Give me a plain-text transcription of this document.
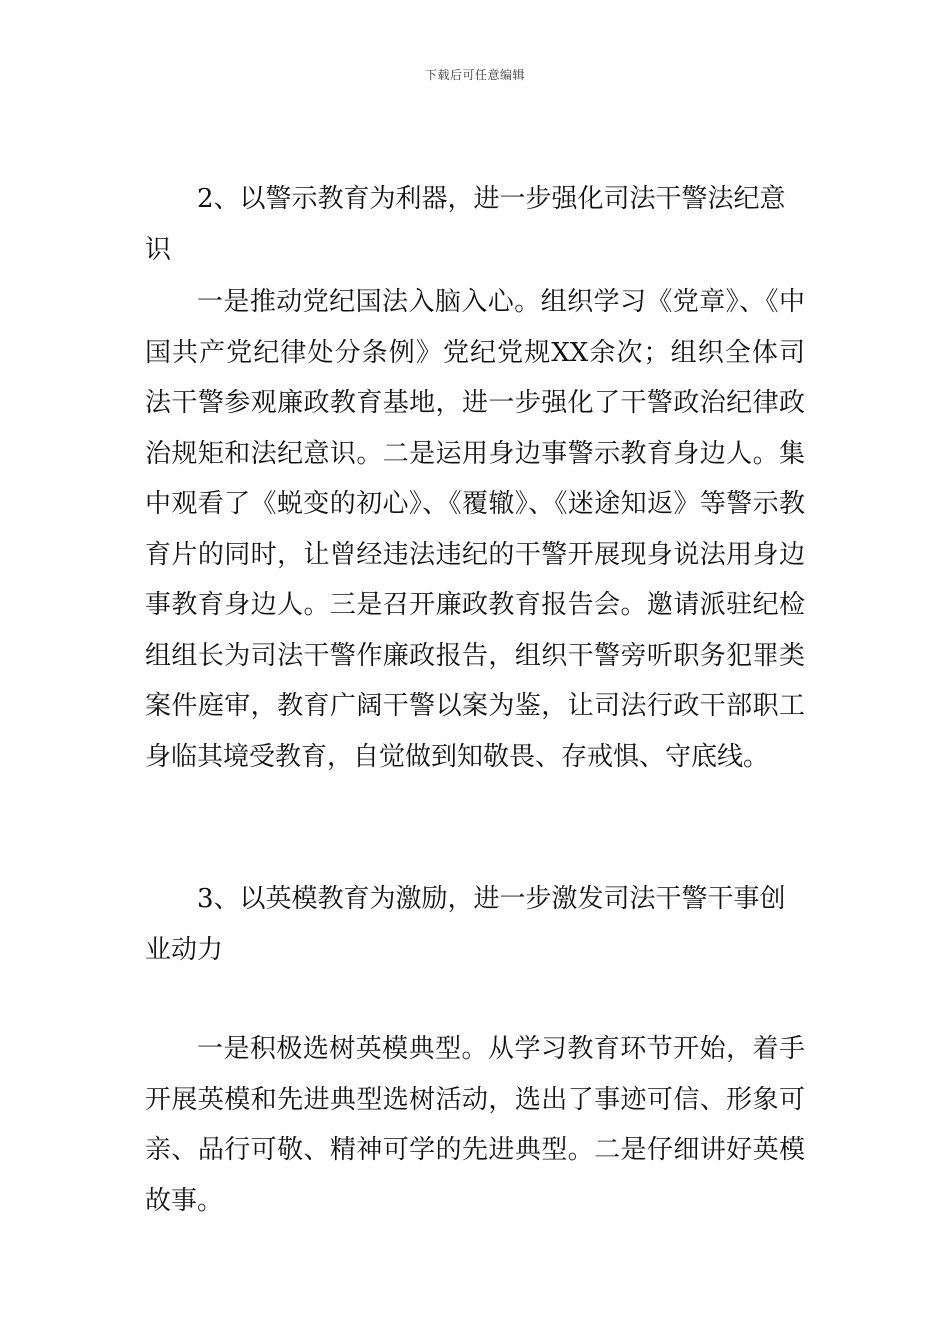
下载后可任意编辑
2、以警示教育为利器，进一步强化司法干警法纪意识

一是推动党纪国法入脑入心。组织学习《党章》、《中国共产党纪律处分条例》党纪党规XX余次；组织全体司法干警参观廉政教育基地，进一步强化了干警政治纪律政治规矩和法纪意识。二是运用身边事警示教育身边人。集中观看了《蜕变的初心》、《覆辙》、《迷途知返》等警示教育片的同时，让曾经违法违纪的干警开展现身说法用身边事教育身边人。三是召开廉政教育报告会。邀请派驻纪检组组长为司法干警作廉政报告，组织干警旁听职务犯罪类案件庭审，教育广阔干警以案为鉴，让司法行政干部职工身临其境受教育，自觉做到知敬畏、存戒惧、守底线。

3、以英模教育为激励，进一步激发司法干警干事创业动力

一是积极选树英模典型。从学习教育环节开始，着手开展英模和先进典型选树活动，选出了事迹可信、形象可亲、品行可敬、精神可学的先进典型。二是仔细讲好英模故事。
